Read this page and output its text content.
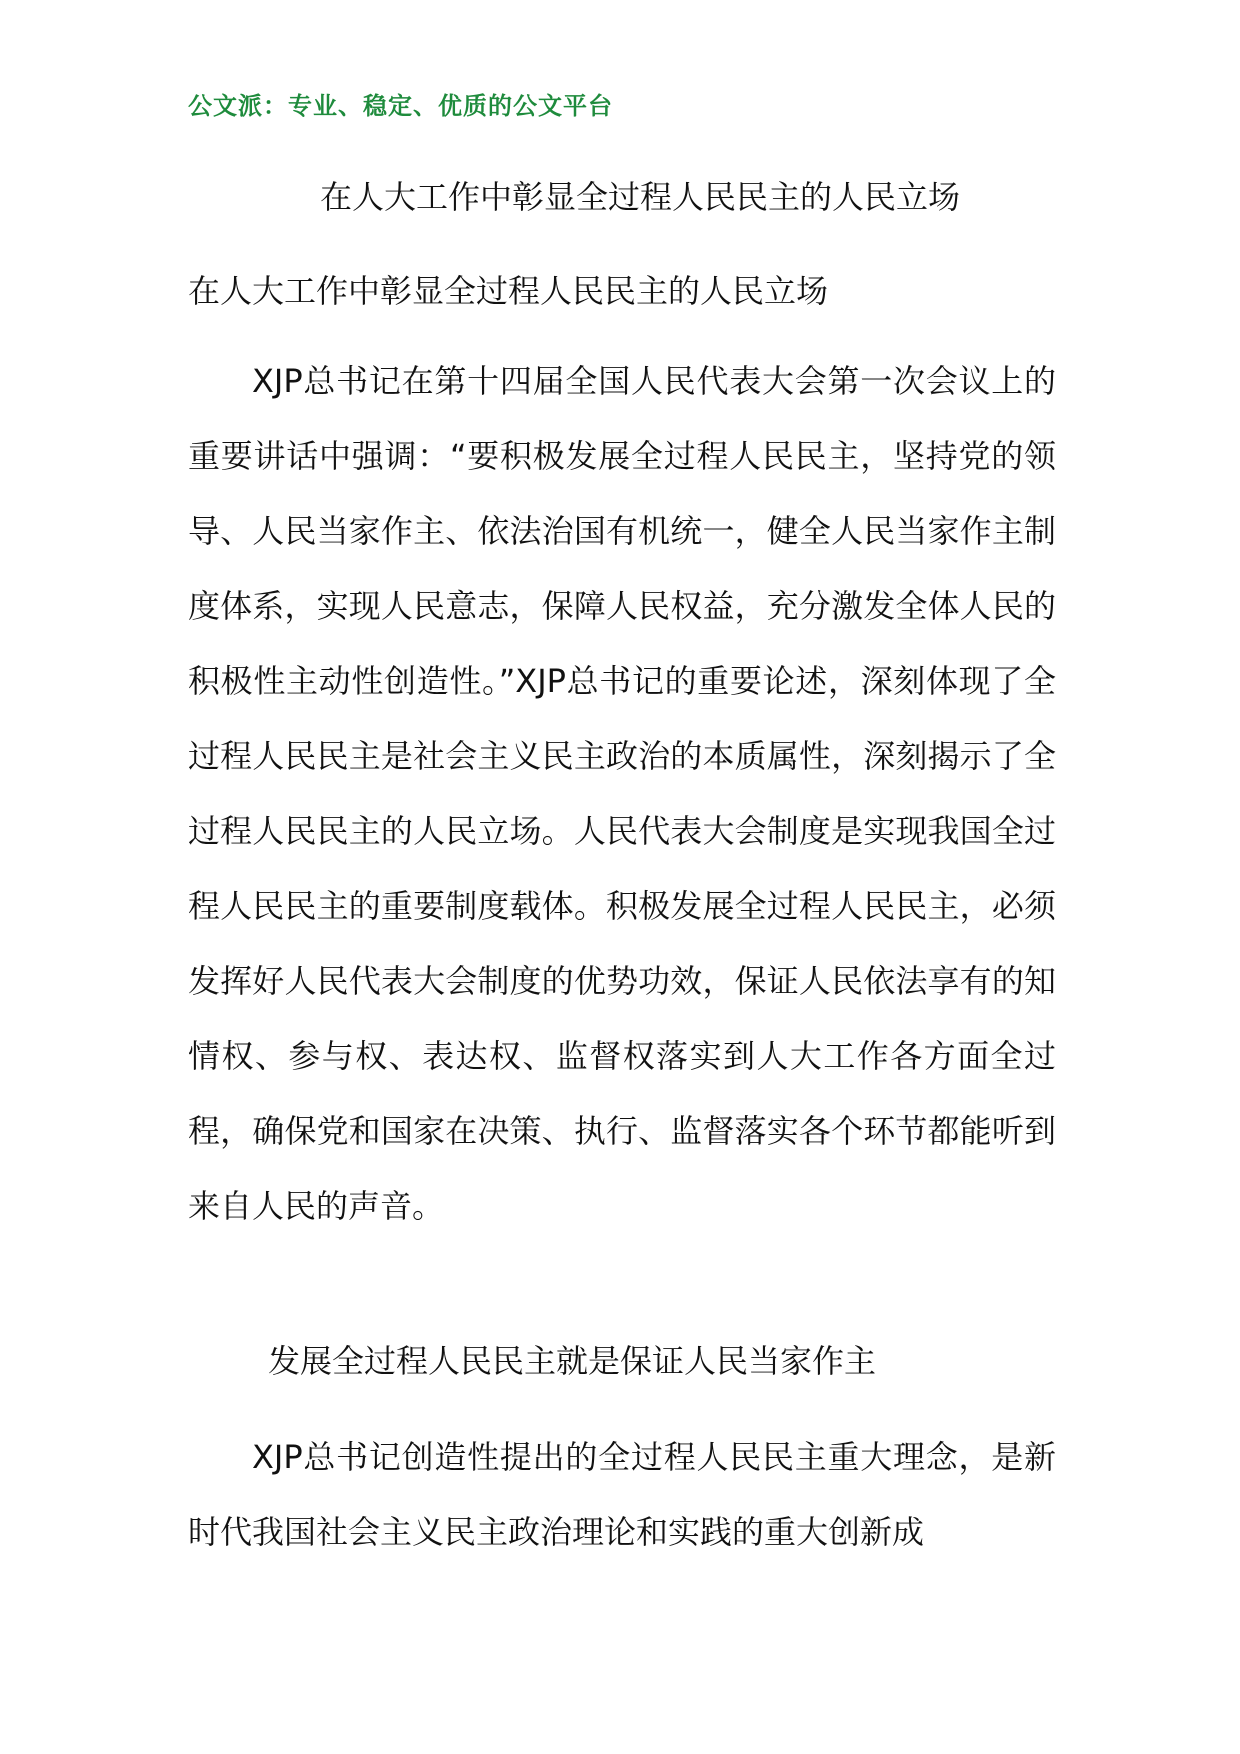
公文派：专业、稳定、优质的公文平台
在人大工作中彰显全过程人民民主的人民立场
在人大工作中彰显全过程人民民主的人民立场

XJP总书记在第十四届全国人民代表大会第一次会议上的重要讲话中强调：“要积极发展全过程人民民主，坚持党的领导、人民当家作主、依法治国有机统一，健全人民当家作主制度体系，实现人民意志，保障人民权益，充分激发全体人民的积极性主动性创造性。”XJP总书记的重要论述，深刻体现了全过程人民民主是社会主义民主政治的本质属性，深刻揭示了全过程人民民主的人民立场。人民代表大会制度是实现我国全过程人民民主的重要制度载体。积极发展全过程人民民主，必须发挥好人民代表大会制度的优势功效，保证人民依法享有的知情权、参与权、表达权、监督权落实到人大工作各方面全过程，确保党和国家在决策、执行、监督落实各个环节都能听到来自人民的声音。

发展全过程人民民主就是保证人民当家作主

XJP总书记创造性提出的全过程人民民主重大理念，是新时代我国社会主义民主政治理论和实践的重大创新成
